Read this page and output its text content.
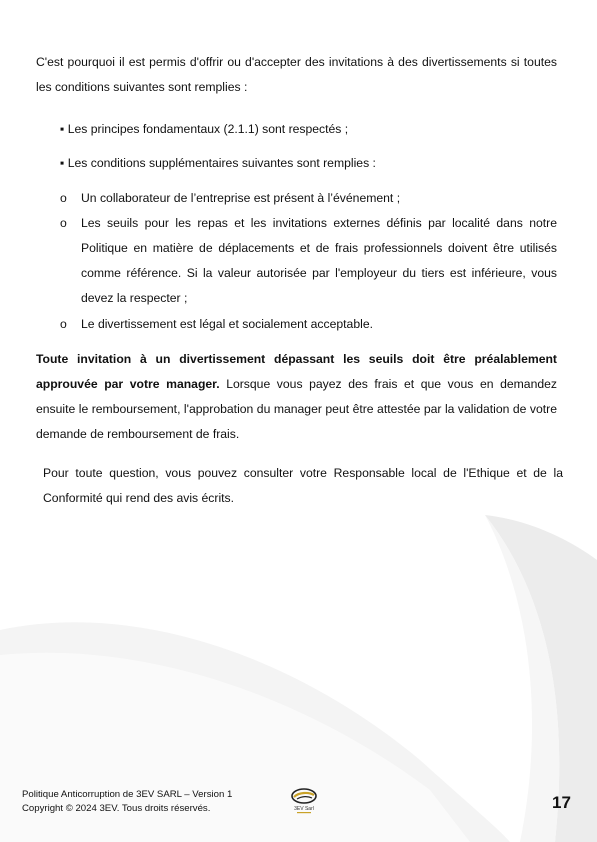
C'est pourquoi il est permis d'offrir ou d'accepter des invitations à des divertissements si toutes les conditions suivantes sont remplies :

▪ Les principes fondamentaux (2.1.1) sont respectés ;

▪ Les conditions supplémentaires suivantes sont remplies :

o	Un collaborateur de l’entreprise est présent à l’événement ;
o	Les seuils pour les repas et les invitations externes définis par localité dans notre Politique en matière de déplacements et de frais professionnels doivent être utilisés comme référence. Si la valeur autorisée par l'employeur du tiers est inférieure, vous devez la respecter ;
o	Le divertissement est légal et socialement acceptable.

Toute invitation à un divertissement dépassant les seuils doit être préalablement approuvée par votre manager. Lorsque vous payez des frais et que vous en demandez ensuite le remboursement, l'approbation du manager peut être attestée par la validation de votre demande de remboursement de frais.

Pour toute question, vous pouvez consulter votre Responsable local de l'Ethique et de la Conformité qui rend des avis écrits.

Politique Anticorruption de 3EV SARL – Version 1
Copyright © 2024 3EV. Tous droits réservés.	3EV Sarl	17
